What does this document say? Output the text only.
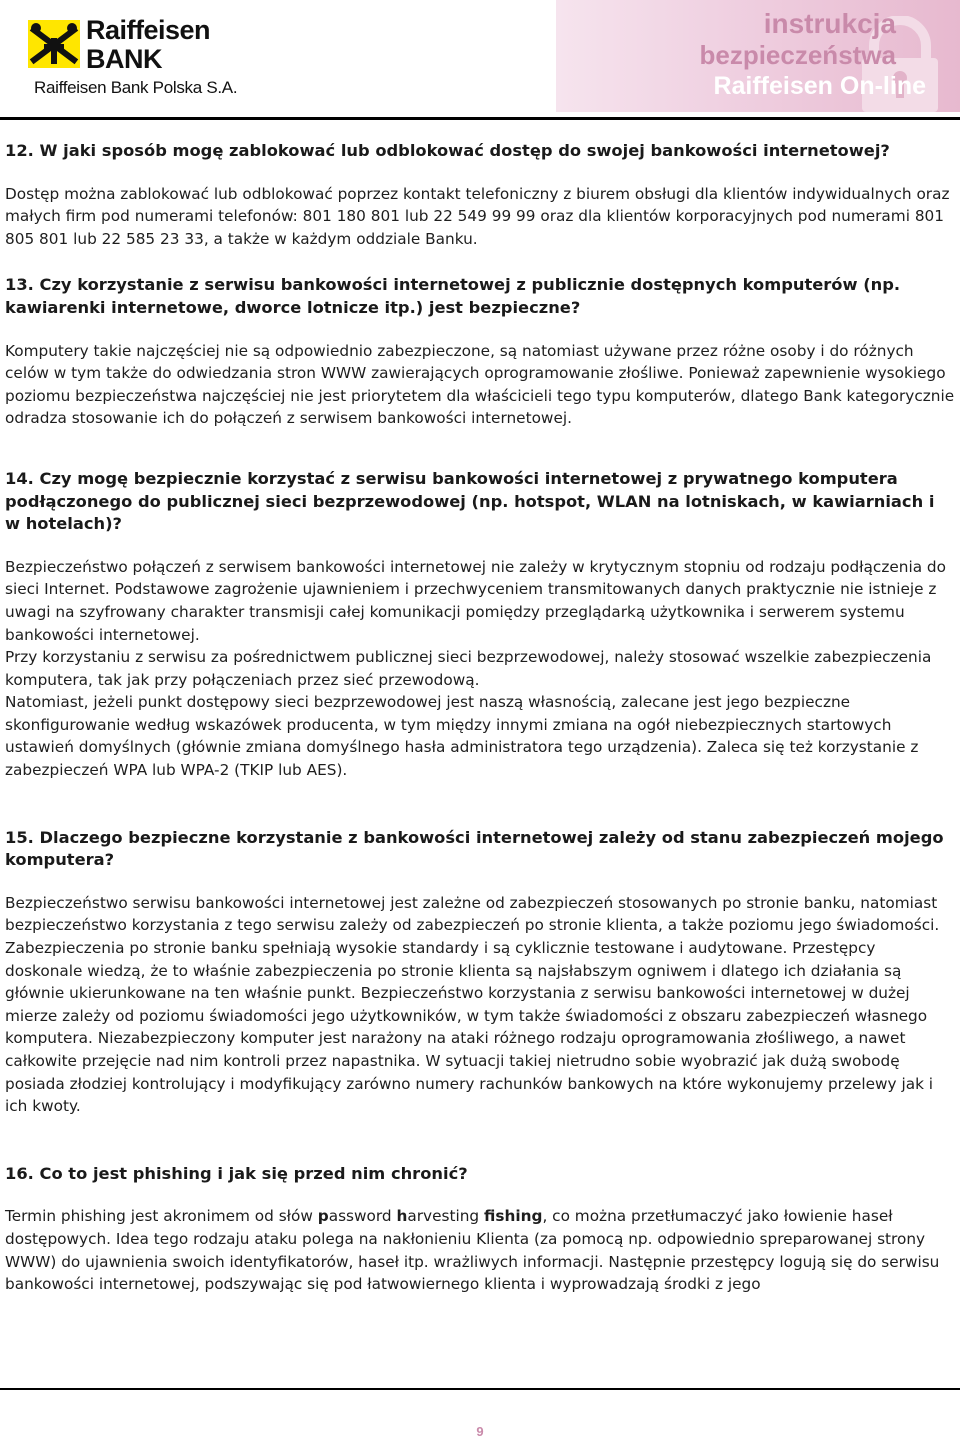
Raiffeisen
BANK
Raiffeisen Bank Polska S.A.
instrukcja
bezpieczeństwa
Raiffeisen On-line

12. W jaki sposób mogę zablokować lub odblokować dostęp do swojej bankowości internetowej?

Dostęp można zablokować lub odblokować poprzez kontakt telefoniczny z biurem obsługi dla klientów indywidualnych oraz małych firm pod numerami telefonów: 801 180 801 lub 22 549 99 99 oraz dla klientów korporacyjnych pod numerami 801 805 801 lub 22 585 23 33, a także w każdym oddziale Banku.

13. Czy korzystanie z serwisu bankowości internetowej z publicznie dostępnych komputerów (np. kawiarenki internetowe, dworce lotnicze itp.) jest bezpieczne?

Komputery takie najczęściej nie są odpowiednio zabezpieczone, są natomiast używane przez różne osoby i do różnych celów w tym także do odwiedzania stron WWW zawierających oprogramowanie złośliwe. Ponieważ zapewnienie wysokiego poziomu bezpieczeństwa najczęściej nie jest priorytetem dla właścicieli tego typu komputerów, dlatego Bank kategorycznie odradza stosowanie ich do połączeń z serwisem bankowości internetowej.

14. Czy mogę bezpiecznie korzystać z serwisu bankowości internetowej z prywatnego komputera podłączonego do publicznej sieci bezprzewodowej (np. hotspot, WLAN na lotniskach, w kawiarniach i w hotelach)?

Bezpieczeństwo połączeń z serwisem bankowości internetowej nie zależy w krytycznym stopniu od rodzaju podłączenia do sieci Internet. Podstawowe zagrożenie ujawnieniem i przechwyceniem transmitowanych danych praktycznie nie istnieje z uwagi na szyfrowany charakter transmisji całej komunikacji pomiędzy przeglądarką użytkownika i serwerem systemu bankowości internetowej.

Przy korzystaniu z serwisu za pośrednictwem publicznej sieci bezprzewodowej, należy stosować wszelkie zabezpieczenia komputera, tak jak przy połączeniach przez sieć przewodową.

Natomiast, jeżeli punkt dostępowy sieci bezprzewodowej jest naszą własnością, zalecane jest jego bezpieczne skonfigurowanie według wskazówek producenta, w tym między innymi zmiana na ogół niebezpiecznych startowych ustawień domyślnych (głównie zmiana domyślnego hasła administratora tego urządzenia). Zaleca się też korzystanie z zabezpieczeń WPA lub WPA-2 (TKIP lub AES).

15. Dlaczego bezpieczne korzystanie z bankowości internetowej zależy od stanu zabezpieczeń mojego komputera?

Bezpieczeństwo serwisu bankowości internetowej jest zależne od zabezpieczeń stosowanych po stronie banku, natomiast bezpieczeństwo korzystania z tego serwisu zależy od zabezpieczeń po stronie klienta, a także poziomu jego świadomości. Zabezpieczenia po stronie banku spełniają wysokie standardy i są cyklicznie testowane i audytowane. Przestępcy doskonale wiedzą, że to właśnie zabezpieczenia po stronie klienta są najsłabszym ogniwem i dlatego ich działania są głównie ukierunkowane na ten właśnie punkt. Bezpieczeństwo korzystania z serwisu bankowości internetowej w dużej mierze zależy od poziomu świadomości jego użytkowników, w tym także świadomości z obszaru zabezpieczeń własnego komputera. Niezabezpieczony komputer jest narażony na ataki różnego rodzaju oprogramowania złośliwego, a nawet całkowite przejęcie nad nim kontroli przez napastnika. W sytuacji takiej nietrudno sobie wyobrazić jak dużą swobodę posiada złodziej kontrolujący i modyfikujący zarówno numery rachunków bankowych na które wykonujemy przelewy jak i ich kwoty.

16. Co to jest phishing i jak się przed nim chronić?

Termin phishing jest akronimem od słów password harvesting fishing, co można przetłumaczyć jako łowienie haseł dostępowych. Idea tego rodzaju ataku polega na nakłonieniu Klienta (za pomocą np. odpowiednio spreparowanej strony WWW) do ujawnienia swoich identyfikatorów, haseł itp. wrażliwych informacji. Następnie przestępcy logują się do serwisu bankowości internetowej, podszywając się pod łatwowiernego klienta i wyprowadzają środki z jego

9
